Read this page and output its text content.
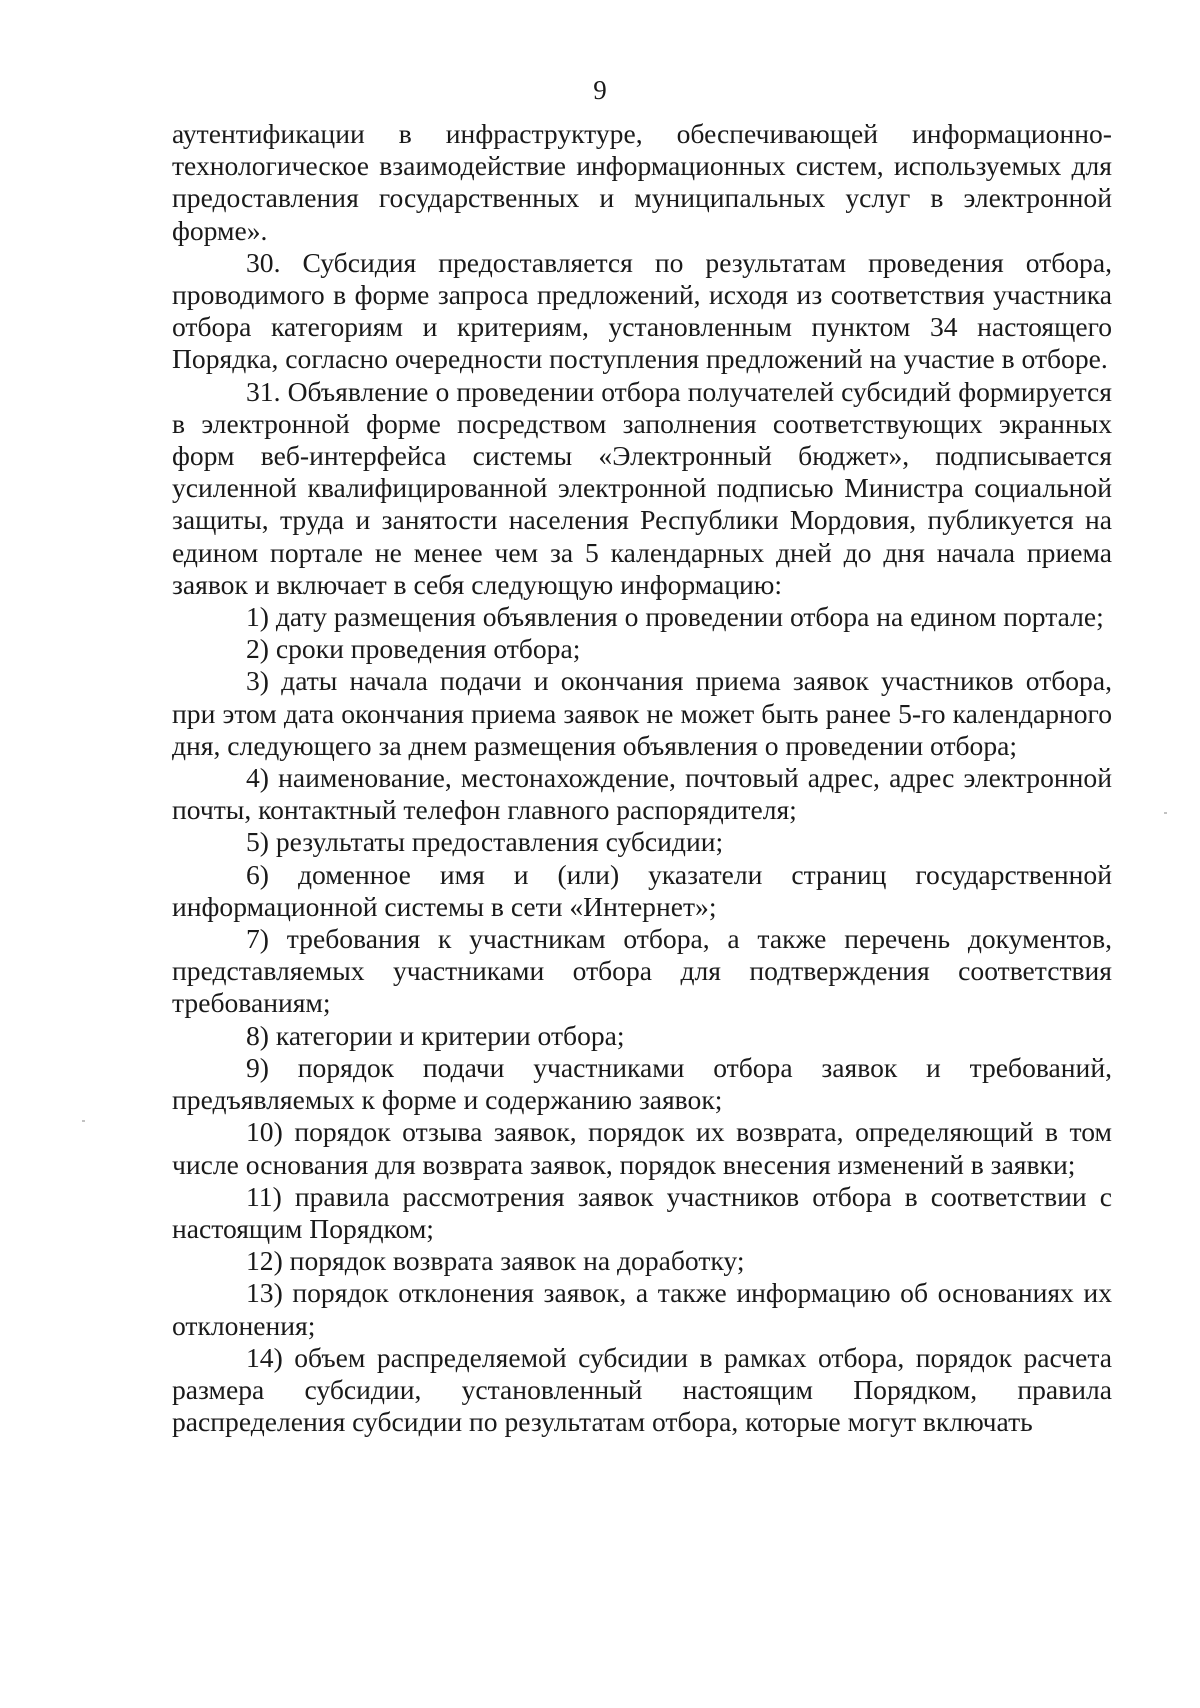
9

аутентификации в инфраструктуре, обеспечивающей информационно-технологическое взаимодействие информационных систем, используемых для предоставления государственных и муниципальных услуг в электронной форме».

30. Субсидия предоставляется по результатам проведения отбора, проводимого в форме запроса предложений, исходя из соответствия участника отбора категориям и критериям, установленным пунктом 34 настоящего Порядка, согласно очередности поступления предложений на участие в отборе.

31. Объявление о проведении отбора получателей субсидий формируется в электронной форме посредством заполнения соответствующих экранных форм веб-интерфейса системы «Электронный бюджет», подписывается усиленной квалифицированной электронной подписью Министра социальной защиты, труда и занятости населения Республики Мордовия, публикуется на едином портале не менее чем за 5 календарных дней до дня начала приема заявок и включает в себя следующую информацию:

1) дату размещения объявления о проведении отбора на едином портале;

2) сроки проведения отбора;

3) даты начала подачи и окончания приема заявок участников отбора, при этом дата окончания приема заявок не может быть ранее 5-го календарного дня, следующего за днем размещения объявления о проведении отбора;

4) наименование, местонахождение, почтовый адрес, адрес электронной почты, контактный телефон главного распорядителя;

5) результаты предоставления субсидии;

6) доменное имя и (или) указатели страниц государственной информационной системы в сети «Интернет»;

7) требования к участникам отбора, а также перечень документов, представляемых участниками отбора для подтверждения соответствия требованиям;

8) категории и критерии отбора;

9) порядок подачи участниками отбора заявок и требований, предъявляемых к форме и содержанию заявок;

10) порядок отзыва заявок, порядок их возврата, определяющий в том числе основания для возврата заявок, порядок внесения изменений в заявки;

11) правила рассмотрения заявок участников отбора в соответствии с настоящим Порядком;

12) порядок возврата заявок на доработку;

13) порядок отклонения заявок, а также информацию об основаниях их отклонения;

14) объем распределяемой субсидии в рамках отбора, порядок расчета размера субсидии, установленный настоящим Порядком, правила распределения субсидии по результатам отбора, которые могут включать
